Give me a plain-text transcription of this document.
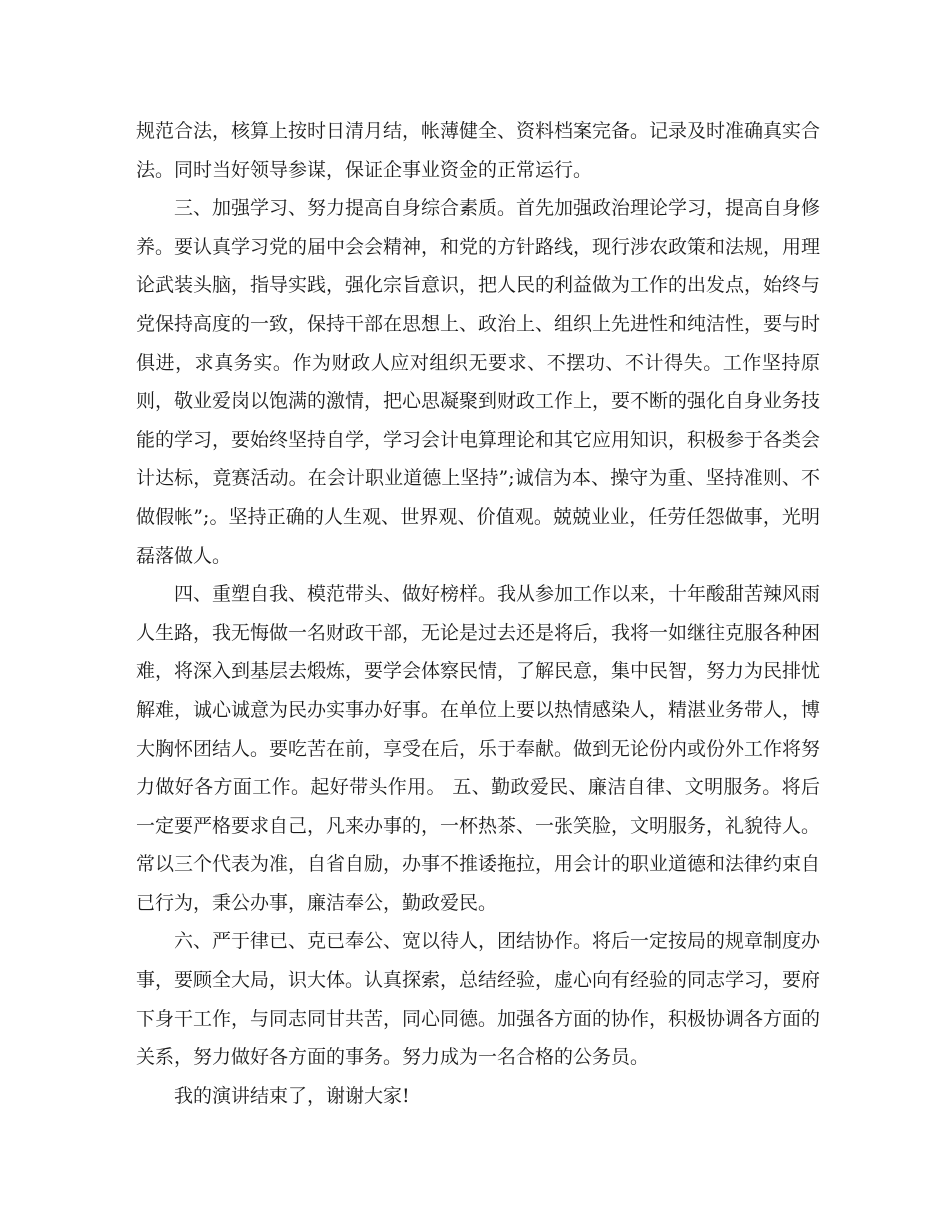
规范合法，核算上按时日清月结，帐薄健全、资料档案完备。记录及时准确真实合法。同时当好领导参谋，保证企事业资金的正常运行。

三、加强学习、努力提高自身综合素质。首先加强政治理论学习，提高自身修养。要认真学习党的届中会会精神，和党的方针路线，现行涉农政策和法规，用理论武装头脑，指导实践，强化宗旨意识，把人民的利益做为工作的出发点，始终与党保持高度的一致，保持干部在思想上、政治上、组织上先进性和纯洁性，要与时俱进，求真务实。作为财政人应对组织无要求、不摆功、不计得失。工作坚持原则，敬业爱岗以饱满的激情，把心思凝聚到财政工作上，要不断的强化自身业务技能的学习，要始终坚持自学，学习会计电算理论和其它应用知识，积极参于各类会计达标，竟赛活动。在会计职业道德上坚持”;诚信为本、操守为重、坚持准则、不做假帐”;。坚持正确的人生观、世界观、价值观。兢兢业业，任劳任怨做事，光明磊落做人。

四、重塑自我、模范带头、做好榜样。我从参加工作以来，十年酸甜苦辣风雨人生路，我无悔做一名财政干部，无论是过去还是将后，我将一如继往克服各种困难，将深入到基层去煅炼，要学会体察民情，了解民意，集中民智，努力为民排忧解难，诚心诚意为民办实事办好事。在单位上要以热情感染人，精湛业务带人，博大胸怀团结人。要吃苦在前，享受在后，乐于奉献。做到无论份内或份外工作将努力做好各方面工作。起好带头作用。 五、勤政爱民、廉洁自律、文明服务。将后一定要严格要求自己，凡来办事的，一杯热茶、一张笑脸，文明服务，礼貌待人。常以三个代表为准，自省自励，办事不推诿拖拉，用会计的职业道德和法律约束自已行为，秉公办事，廉洁奉公，勤政爱民。

六、严于律已、克已奉公、宽以待人，团结协作。将后一定按局的规章制度办事，要顾全大局，识大体。认真探索，总结经验，虚心向有经验的同志学习，要府下身干工作，与同志同甘共苦，同心同德。加强各方面的协作，积极协调各方面的关系，努力做好各方面的事务。努力成为一名合格的公务员。

我的演讲结束了，谢谢大家!
